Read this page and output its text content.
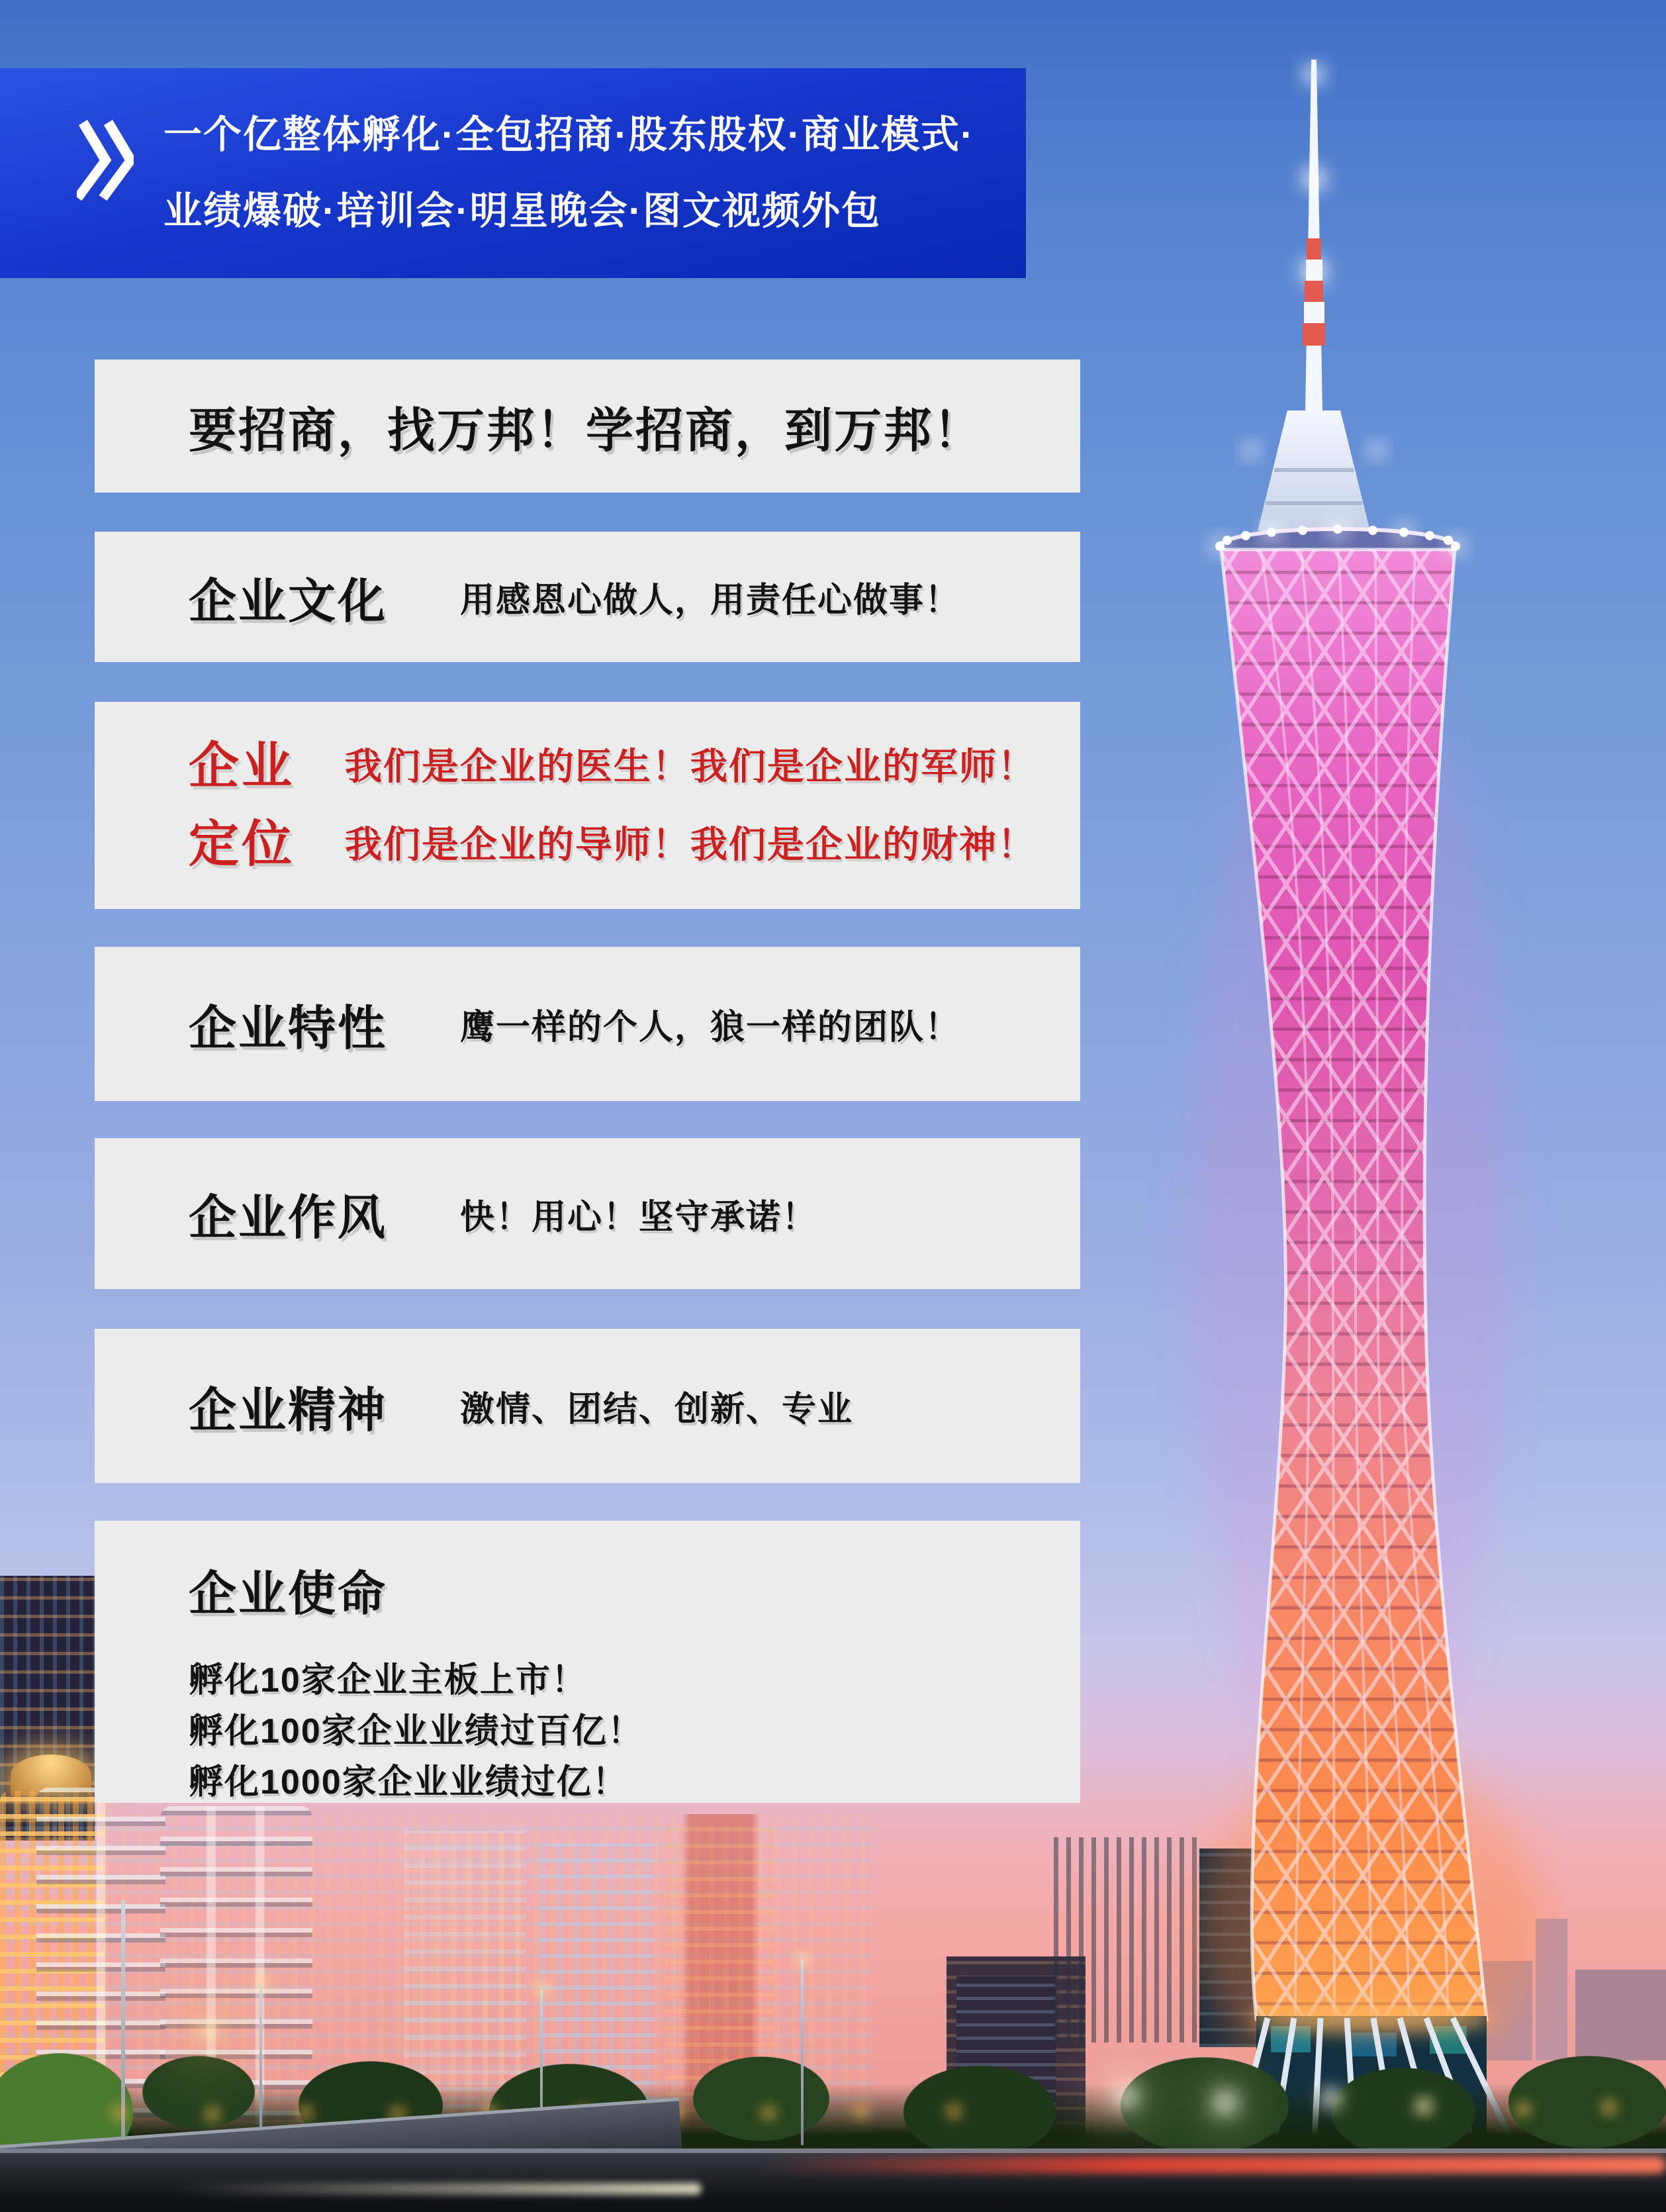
一个亿整体孵化·全包招商·股东股权·商业模式·
业绩爆破·培训会·明星晚会·图文视频外包
要招商，找万邦！学招商，到万邦！
企业文化 用感恩心做人，用责任心做事！

企业
定位
我们是企业的医生！我们是企业的军师！
我们是企业的导师！我们是企业的财神！
企业特性 鹰一样的个人，狼一样的团队！

企业作风 快！用心！坚守承诺！

企业精神 激情、团结、创新、专业

企业使命

孵化10家企业主板上市！

孵化100家企业业绩过百亿！

孵化1000家企业业绩过亿！
